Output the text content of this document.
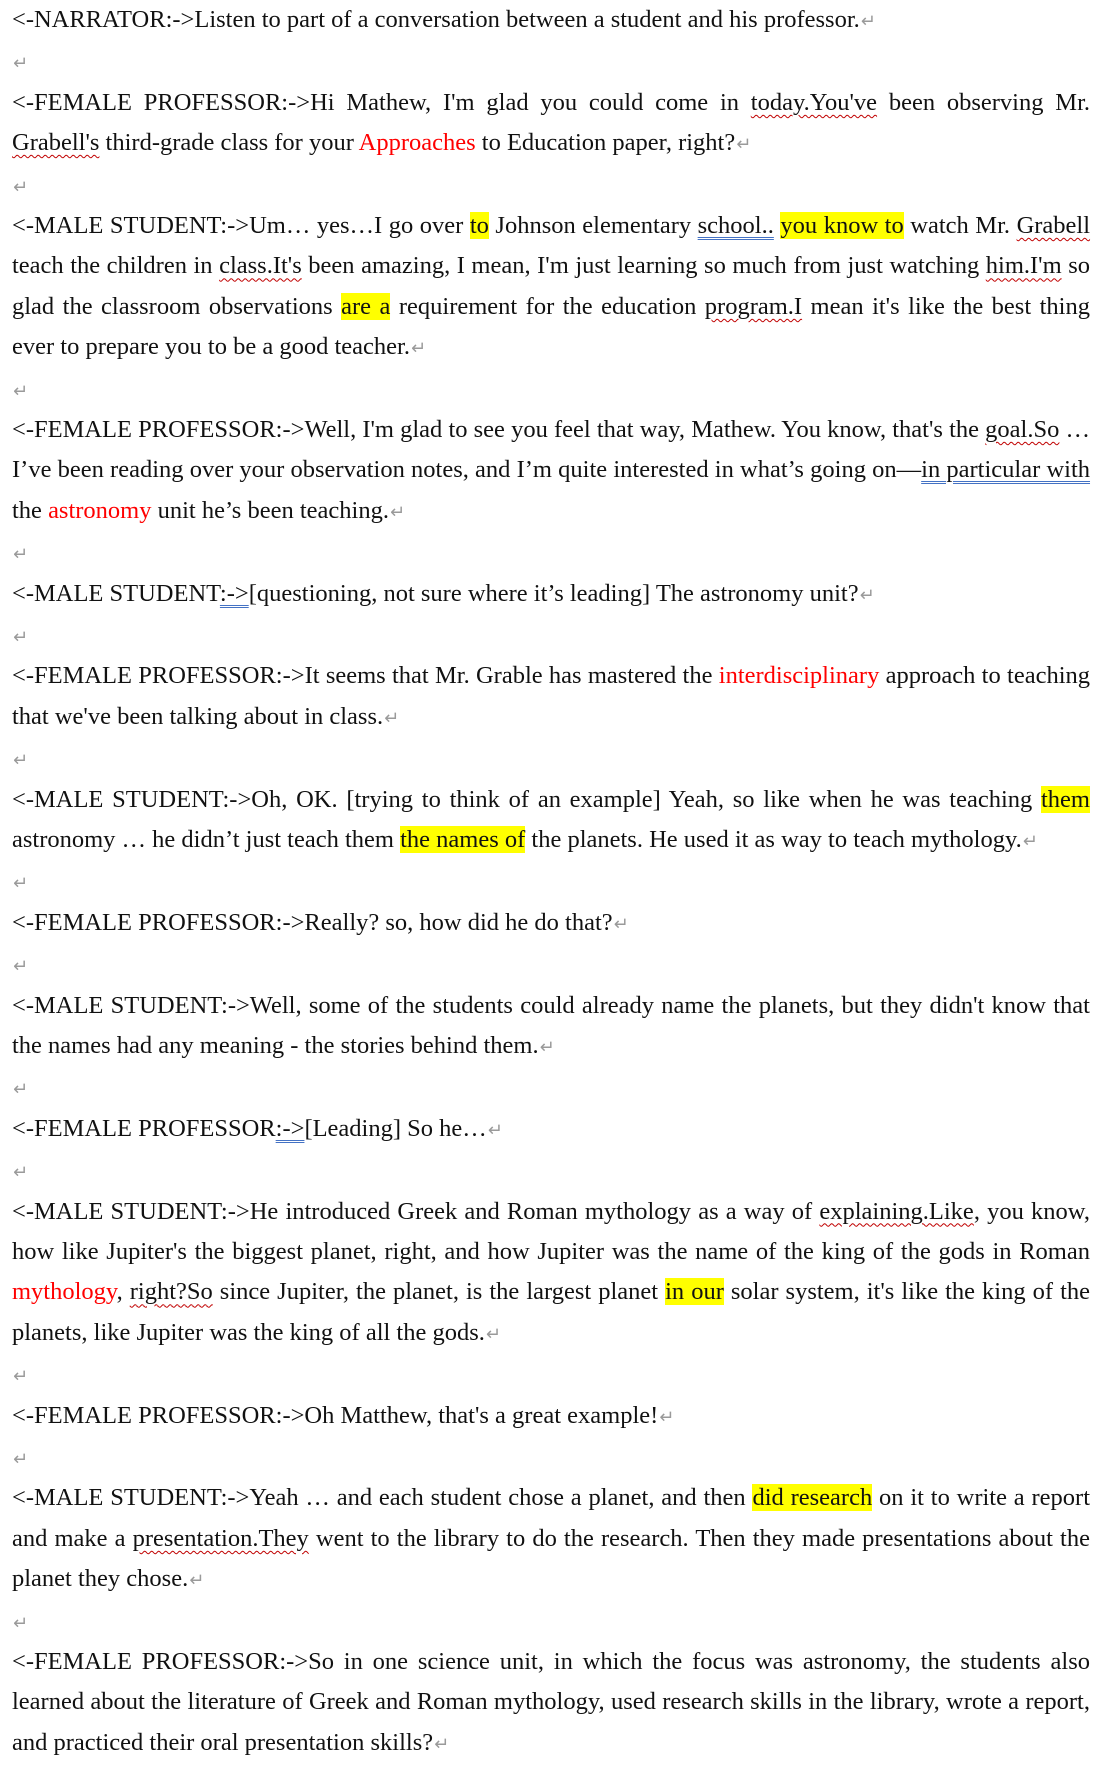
<-NARRATOR:->Listen to part of a conversation between a student and his professor.↵

↵

<-FEMALE PROFESSOR:->Hi Mathew, I'm glad you could come in today.You've been observing Mr. Grabell's third-grade class for your Approaches to Education paper, right?↵

↵

<-MALE STUDENT:->Um… yes…I go over to Johnson elementary school.. you know to watch Mr. Grabell teach the children in class.It's been amazing, I mean, I'm just learning so much from just watching him.I'm so glad the classroom observations are a requirement for the education program.I mean it's like the best thing ever to prepare you to be a good teacher.↵

↵

<-FEMALE PROFESSOR:->Well, I'm glad to see you feel that way, Mathew. You know, that's the goal.So … I’ve been reading over your observation notes, and I’m quite interested in what’s going on—in particular with the astronomy unit he’s been teaching.↵

↵

<-MALE STUDENT:->[questioning, not sure where it’s leading] The astronomy unit?↵

↵

<-FEMALE PROFESSOR:->It seems that Mr. Grable has mastered the interdisciplinary approach to teaching that we've been talking about in class.↵

↵

<-MALE STUDENT:->Oh, OK. [trying to think of an example] Yeah, so like when he was teaching them astronomy … he didn’t just teach them the names of the planets. He used it as way to teach mythology.↵

↵

<-FEMALE PROFESSOR:->Really? so, how did he do that?↵

↵

<-MALE STUDENT:->Well, some of the students could already name the planets, but they didn't know that the names had any meaning - the stories behind them.↵

↵

<-FEMALE PROFESSOR:->[Leading] So he…↵

↵

<-MALE STUDENT:->He introduced Greek and Roman mythology as a way of explaining.Like, you know, how like Jupiter's the biggest planet, right, and how Jupiter was the name of the king of the gods in Roman mythology, right?So since Jupiter, the planet, is the largest planet in our solar system, it's like the king of the planets, like Jupiter was the king of all the gods.↵

↵

<-FEMALE PROFESSOR:->Oh Matthew, that's a great example!↵

↵

<-MALE STUDENT:->Yeah … and each student chose a planet, and then did research on it to write a report and make a presentation.They went to the library to do the research. Then they made presentations about the planet they chose.↵

↵

<-FEMALE PROFESSOR:->So in one science unit, in which the focus was astronomy, the students also learned about the literature of Greek and Roman mythology, used research skills in the library, wrote a report, and practiced their oral presentation skills?↵
